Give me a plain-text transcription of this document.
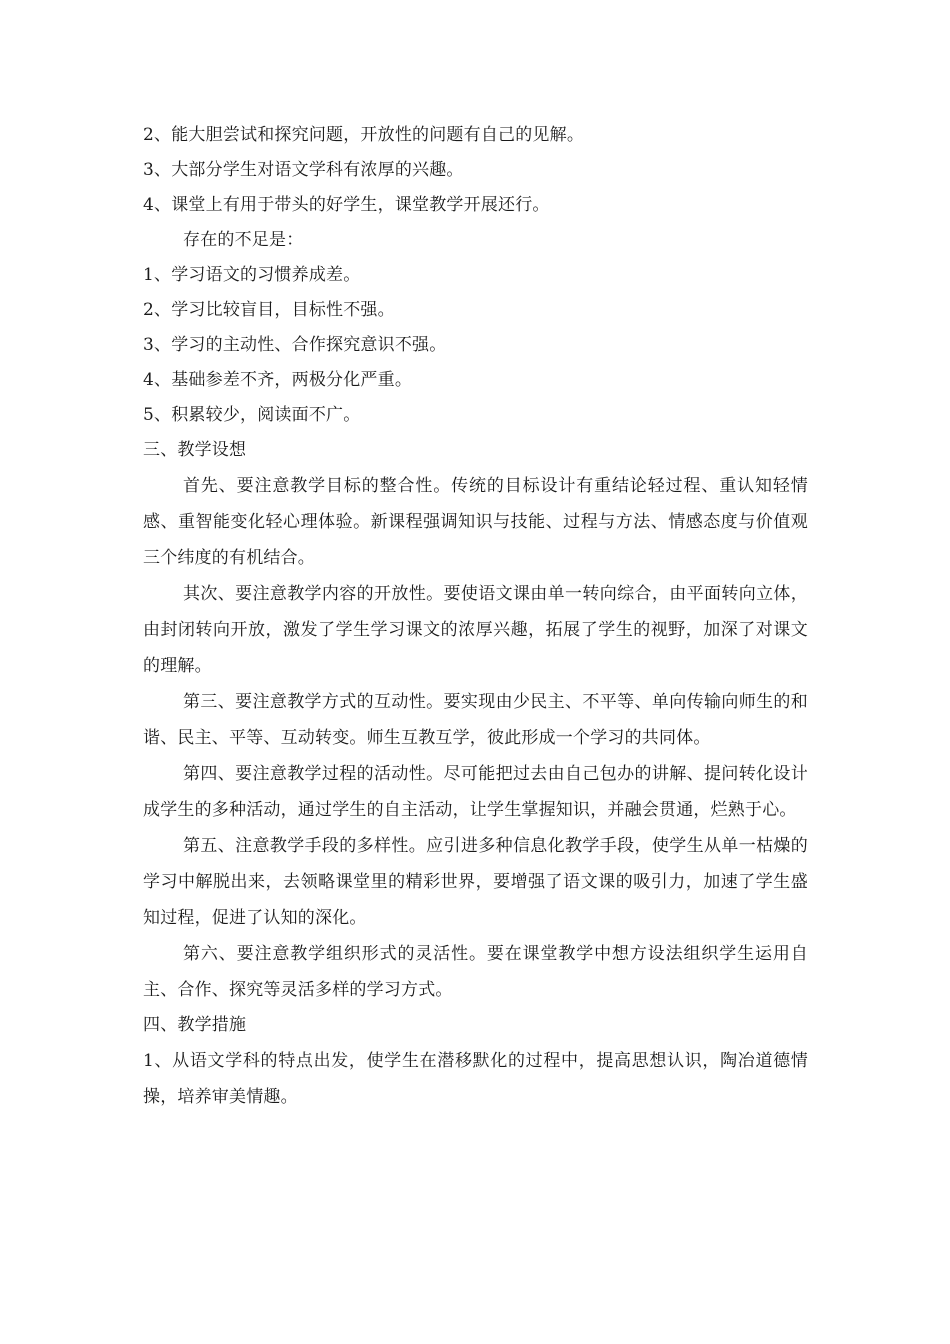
2、能大胆尝试和探究问题，开放性的问题有自己的见解。
3、大部分学生对语文学科有浓厚的兴趣。
4、课堂上有用于带头的好学生，课堂教学开展还行。
存在的不足是：
1、学习语文的习惯养成差。
2、学习比较盲目，目标性不强。
3、学习的主动性、合作探究意识不强。
4、基础参差不齐，两极分化严重。
5、积累较少，阅读面不广。
三、教学设想
首先、要注意教学目标的整合性。传统的目标设计有重结论轻过程、重认知轻情感、重智能变化轻心理体验。新课程强调知识与技能、过程与方法、情感态度与价值观三个纬度的有机结合。
其次、要注意教学内容的开放性。要使语文课由单一转向综合，由平面转向立体，由封闭转向开放，激发了学生学习课文的浓厚兴趣，拓展了学生的视野，加深了对课文的理解。
第三、要注意教学方式的互动性。要实现由少民主、不平等、单向传输向师生的和谐、民主、平等、互动转变。师生互教互学，彼此形成一个学习的共同体。
第四、要注意教学过程的活动性。尽可能把过去由自己包办的讲解、提问转化设计成学生的多种活动，通过学生的自主活动，让学生掌握知识，并融会贯通，烂熟于心。
第五、注意教学手段的多样性。应引进多种信息化教学手段，使学生从单一枯燥的学习中解脱出来，去领略课堂里的精彩世界，要增强了语文课的吸引力，加速了学生盛知过程，促进了认知的深化。
第六、要注意教学组织形式的灵活性。要在课堂教学中想方设法组织学生运用自主、合作、探究等灵活多样的学习方式。
四、教学措施
1、从语文学科的特点出发，使学生在潜移默化的过程中，提高思想认识，陶冶道德情操，培养审美情趣。
